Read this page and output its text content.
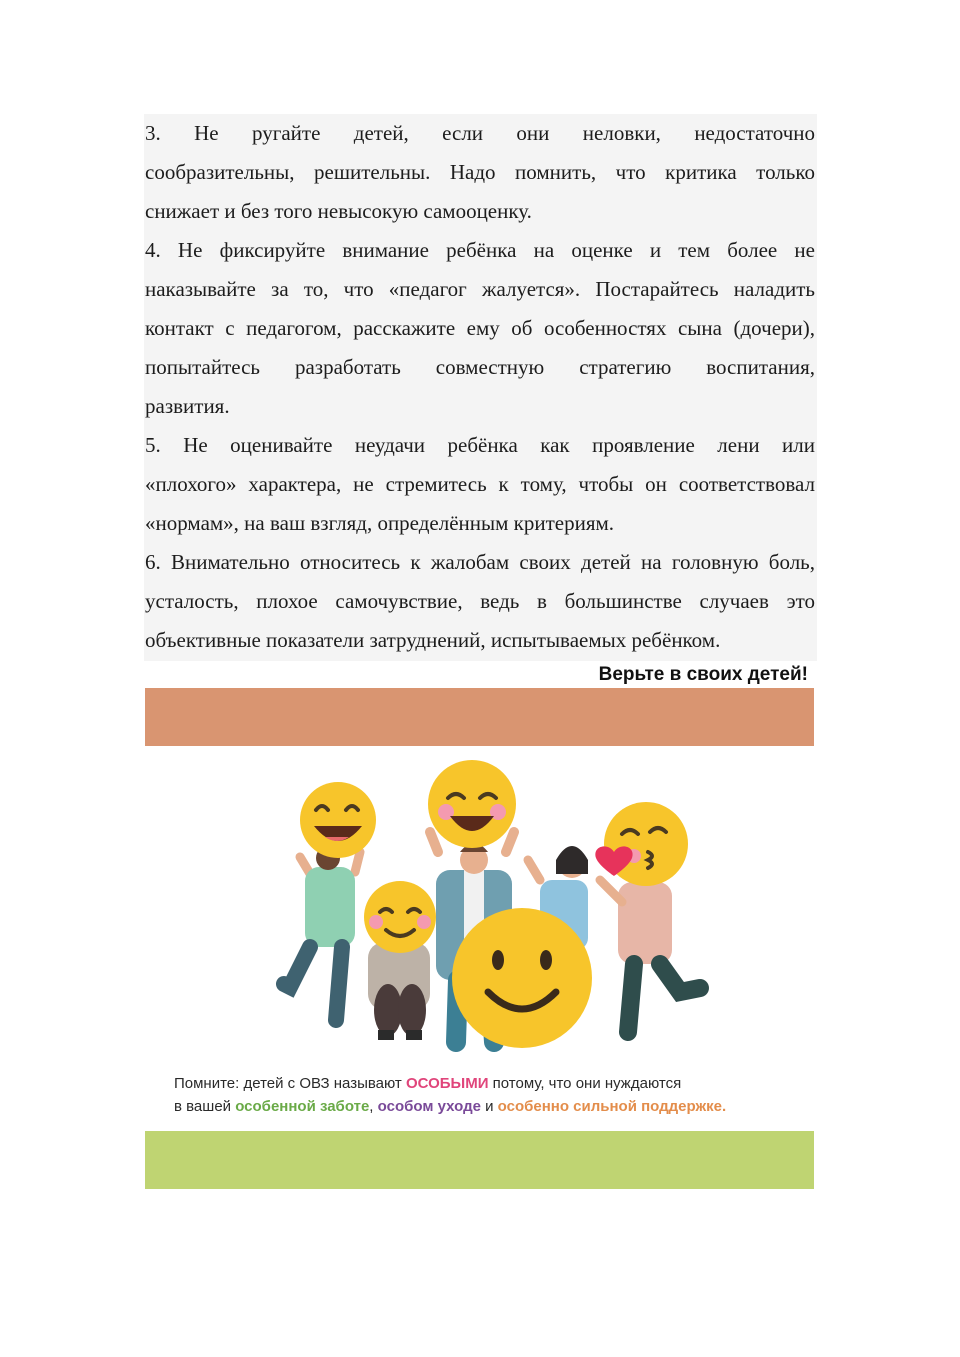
3. Не ругайте детей, если они неловки, недостаточно
сообразительны, решительны. Надо помнить, что критика только
снижает и без того невысокую самооценку.
4. Не фиксируйте внимание ребёнка на оценке и тем более не
наказывайте за то, что «педагог жалуется». Постарайтесь наладить
контакт с педагогом, расскажите ему об особенностях сына (дочери),
попытайтесь разработать совместную стратегию воспитания,
развития.
5. Не оценивайте неудачи ребёнка как проявление лени или
«плохого» характера, не стремитесь к тому, чтобы он соответствовал
«нормам», на ваш взгляд, определённым критериям.
6. Внимательно относитесь к жалобам своих детей на головную боль,
усталость, плохое самочувствие, ведь в большинстве случаев это
объективные показатели затруднений, испытываемых ребёнком.
Верьте в своих детей!
Помните: детей с ОВЗ называют ОСОБЫМИ потому, что они нуждаются
в вашей особенной заботе, особом уходе и особенно сильной поддержке.
